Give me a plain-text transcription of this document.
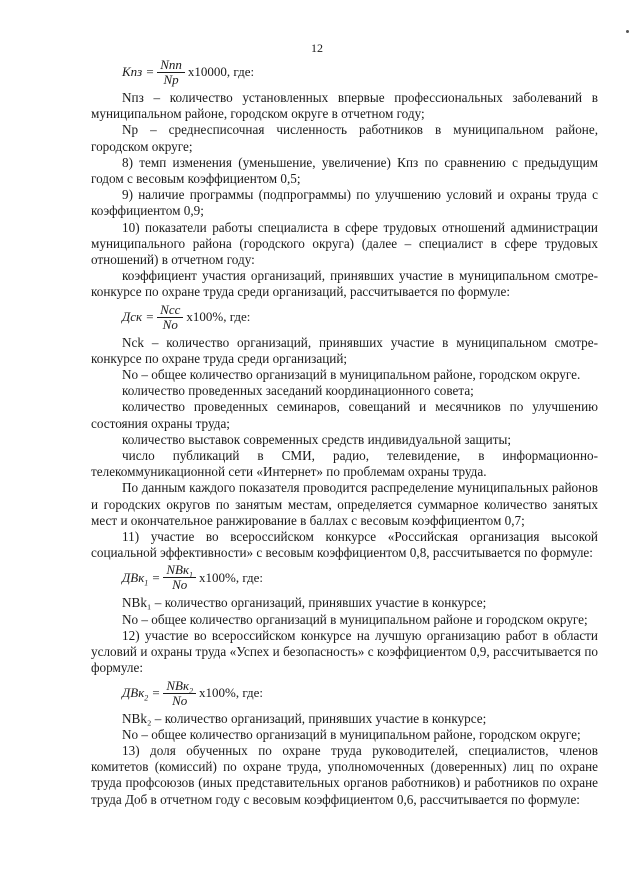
12
Кпз = $\frac{\text{Nпп}}{Np} x10000$, где:

Nпз – количество установленных впервые профессиональных заболеваний в муниципальном районе, городском округе в отчетном году;

Np – среднесписочная численность работников в муниципальном районе, городском округе;

8) темп изменения (уменьшение, увеличение) Кпз по сравнению с предыдущим годом с весовым коэффициентом 0,5;

9) наличие программы (подпрограммы) по улучшению условий и охраны труда с коэффициентом 0,9;

10) показатели работы специалиста в сфере трудовых отношений администрации муниципального района (городского округа) (далее – специалист в сфере трудовых отношений) в отчетном году:

коэффициент участия организаций, принявших участие в муниципальном смотре-конкурсе по охране труда среди организаций, рассчитывается по формуле:

Дск = $\frac{\text{Ncc}}{No} x100\%$, где:

Nck – количество организаций, принявших участие в муниципальном смотре-конкурсе по охране труда среди организаций;

No – общее количество организаций в муниципальном районе, городском округе.

количество проведенных заседаний координационного совета;

количество проведенных семинаров, совещаний и месячников по улучшению состояния охраны труда;

количество выставок современных средств индивидуальной защиты;

число публикаций в СМИ, радио, телевидение, в информационно-телекоммуникационной сети «Интернет» по проблемам охраны труда.

По данным каждого показателя проводится распределение муниципальных районов и городских округов по занятым местам, определяется суммарное количество занятых мест и окончательное ранжирование в баллах с весовым коэффициентом 0,7;

11) участие во всероссийском конкурсе «Российская организация высокой социальной эффективности» с весовым коэффициентом 0,8, рассчитывается по формуле:

$ДВк_1 = \frac{NBк_1}{No} x100\%$, где:

NBk₁ – количество организаций, принявших участие в конкурсе;

No – общее количество организаций в муниципальном районе и городском округе;

12) участие во всероссийском конкурсе на лучшую организацию работ в области условий и охраны труда «Успех и безопасность» с коэффициентом 0,9, рассчитывается по формуле:

$ДВк_2 = \frac{NBк_2}{No} x100\%$, где:

NBk₂ – количество организаций, принявших участие в конкурсе;

No – общее количество организаций в муниципальном районе, городском округе;

13) доля обученных по охране труда руководителей, специалистов, членов комитетов (комиссий) по охране труда, уполномоченных (доверенных) лиц по охране труда профсоюзов (иных представительных органов работников) и работников по охране труда Доб в отчетном году с весовым коэффициентом 0,6, рассчитывается по формуле:
